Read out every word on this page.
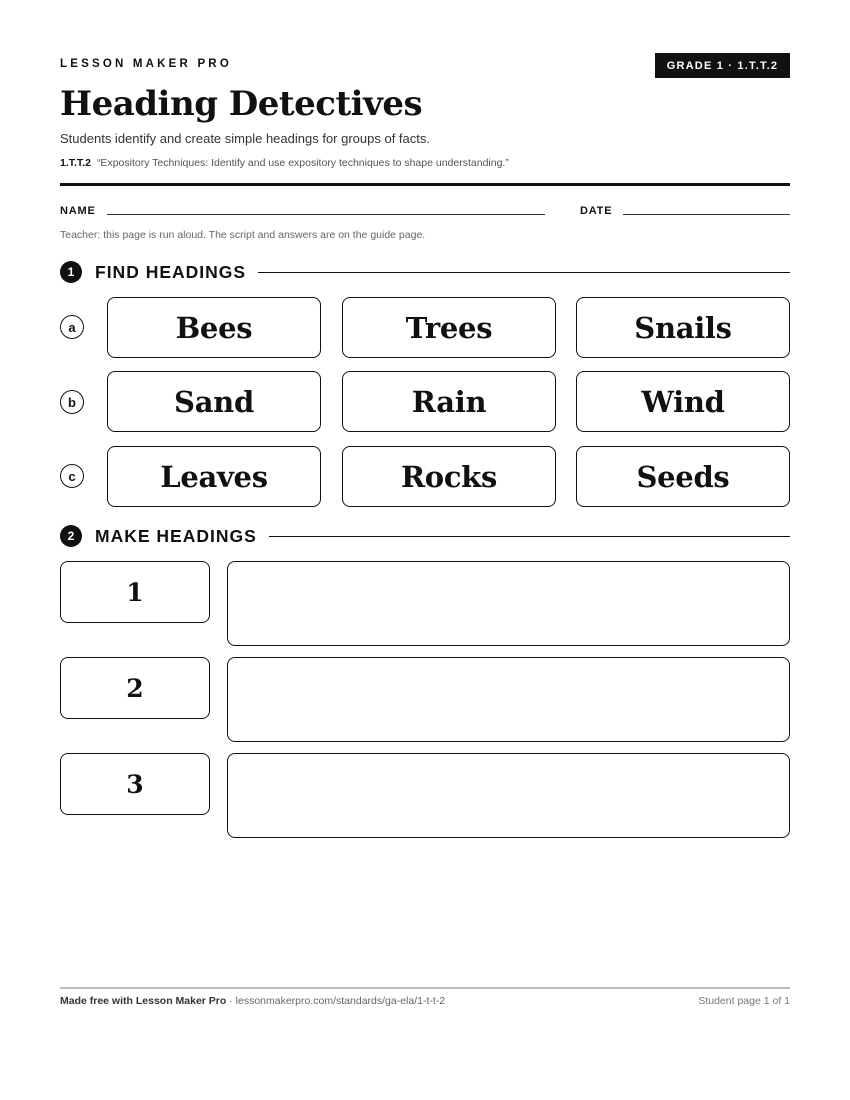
LESSON MAKER PRO	GRADE 1 · 1.T.T.2
Heading Detectives
Students identify and create simple headings for groups of facts.
1.T.T.2 “Expository Techniques: Identify and use expository techniques to shape understanding.”
NAME	DATE
Teacher: this page is run aloud. The script and answers are on the guide page.
1	FIND HEADINGS
a	Bees	Trees	Snails
b	Sand	Rain	Wind
c	Leaves	Rocks	Seeds
2	MAKE HEADINGS
1
2
3
Made free with Lesson Maker Pro · lessonmakerpro.com/standards/ga-ela/1-t-t-2	Student page 1 of 1
